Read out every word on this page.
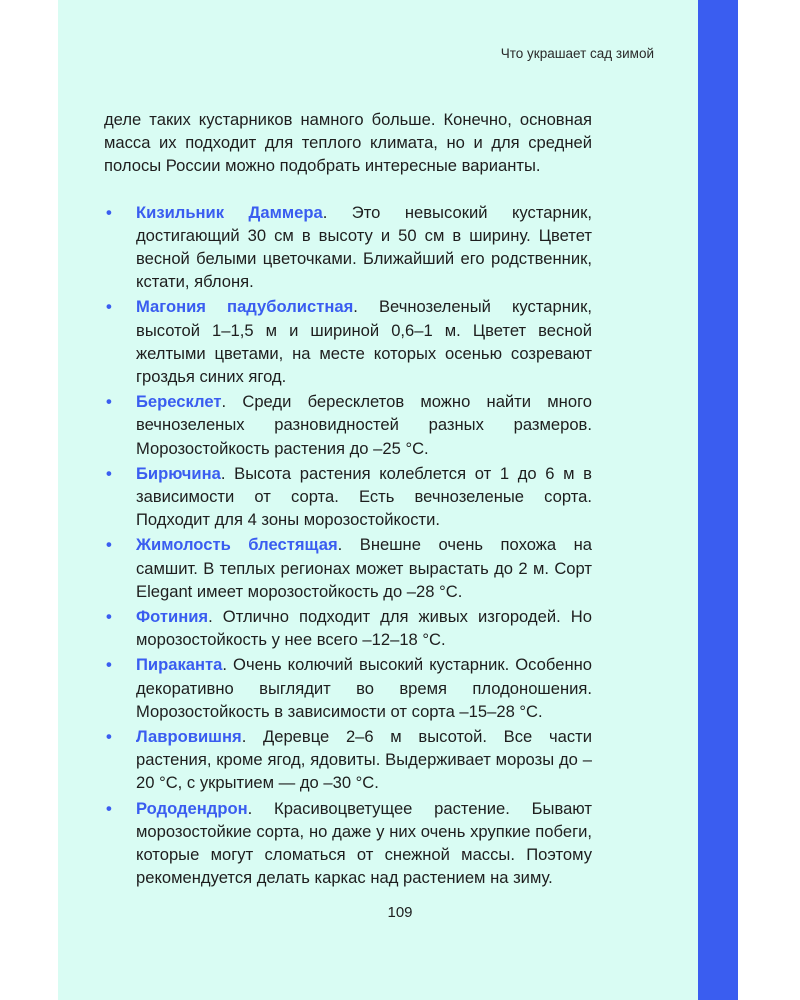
Что украшает сад зимой

деле таких кустарников намного больше. Конечно, основная масса их подходит для теплого климата, но и для средней полосы России можно подобрать интересные варианты.

• Кизильник Даммера. Это невысокий кустарник, достигающий 30 см в высоту и 50 см в ширину. Цветет весной белыми цветочками. Ближайший его родственник, кстати, яблоня.
• Магония падуболистная. Вечнозеленый кустарник, высотой 1–1,5 м и шириной 0,6–1 м. Цветет весной желтыми цветами, на месте которых осенью созревают гроздья синих ягод.
• Бересклет. Среди бересклетов можно найти много вечнозеленых разновидностей разных размеров. Морозостойкость растения до –25 °С.
• Бирючина. Высота растения колеблется от 1 до 6 м в зависимости от сорта. Есть вечнозеленые сорта. Подходит для 4 зоны морозостойкости.
• Жимолость блестящая. Внешне очень похожа на самшит. В теплых регионах может вырастать до 2 м. Сорт Elegant имеет морозостойкость до –28 °С.
• Фотиния. Отлично подходит для живых изгородей. Но морозостойкость у нее всего –12–18 °С.
• Пираканта. Очень колючий высокий кустарник. Особенно декоративно выглядит во время плодоношения. Морозостойкость в зависимости от сорта –15–28 °С.
• Лавровишня. Деревце 2–6 м высотой. Все части растения, кроме ягод, ядовиты. Выдерживает морозы до –20 °С, с укрытием — до –30 °С.
• Рододендрон. Красивоцветущее растение. Бывают морозостойкие сорта, но даже у них очень хрупкие побеги, которые могут сломаться от снежной массы. Поэтому рекомендуется делать каркас над растением на зиму.
109
